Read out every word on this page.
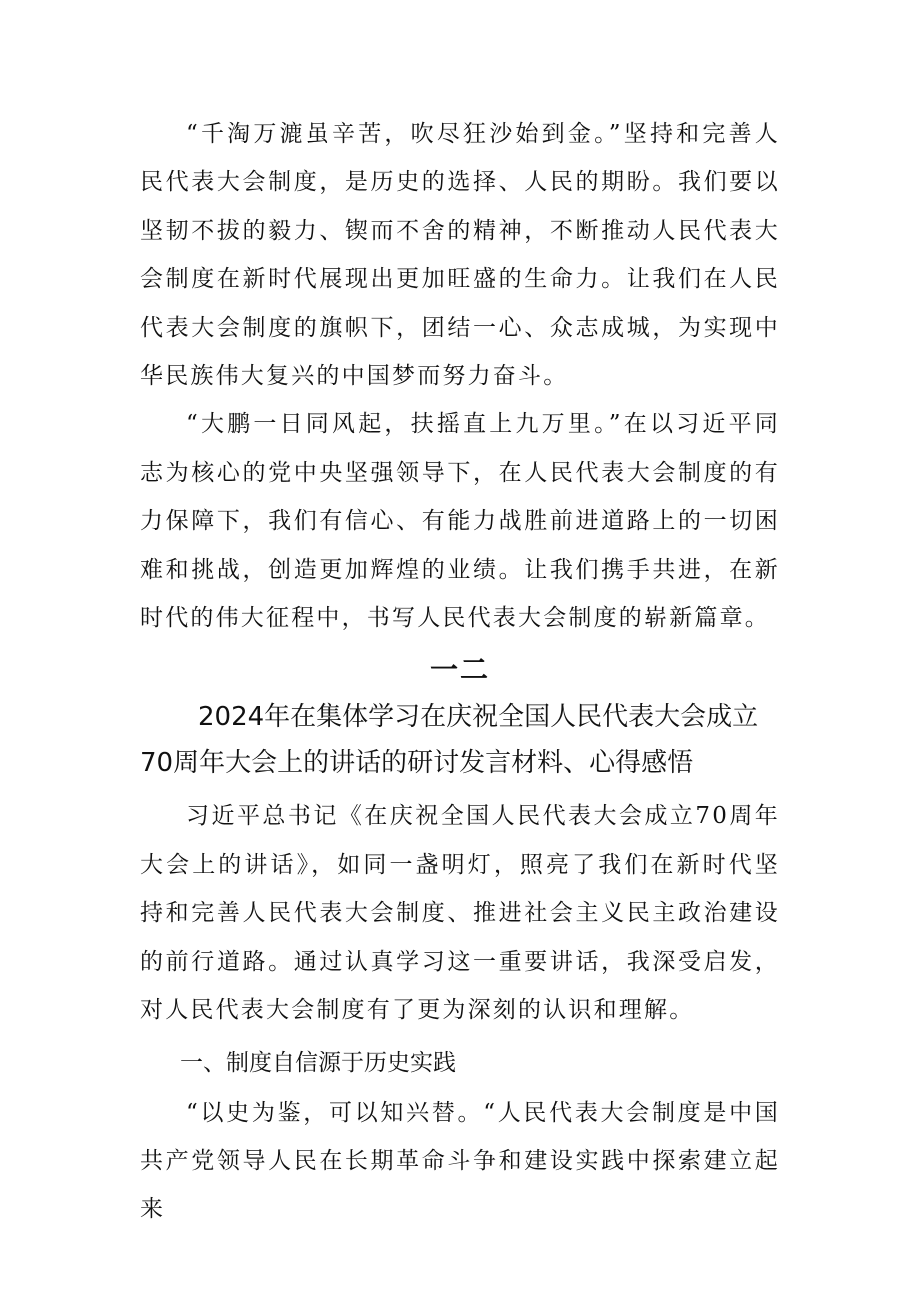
“千淘万漉虽辛苦，吹尽狂沙始到金。”坚持和完善人民代表大会制度，是历史的选择、人民的期盼。我们要以坚韧不拔的毅力、锲而不舍的精神，不断推动人民代表大会制度在新时代展现出更加旺盛的生命力。让我们在人民代表大会制度的旗帜下，团结一心、众志成城，为实现中华民族伟大复兴的中国梦而努力奋斗。

“大鹏一日同风起，扶摇直上九万里。”在以习近平同志为核心的党中央坚强领导下，在人民代表大会制度的有力保障下，我们有信心、有能力战胜前进道路上的一切困难和挑战，创造更加辉煌的业绩。让我们携手共进，在新时代的伟大征程中，书写人民代表大会制度的崭新篇章。

一二
2024年在集体学习在庆祝全国人民代表大会成立70周年大会上的讲话的研讨发言材料、心得感悟

习近平总书记《在庆祝全国人民代表大会成立70周年大会上的讲话》，如同一盏明灯，照亮了我们在新时代坚持和完善人民代表大会制度、推进社会主义民主政治建设的前行道路。通过认真学习这一重要讲话，我深受启发，对人民代表大会制度有了更为深刻的认识和理解。

一、制度自信源于历史实践

“以史为鉴，可以知兴替。“人民代表大会制度是中国共产党领导人民在长期革命斗争和建设实践中探索建立起来
